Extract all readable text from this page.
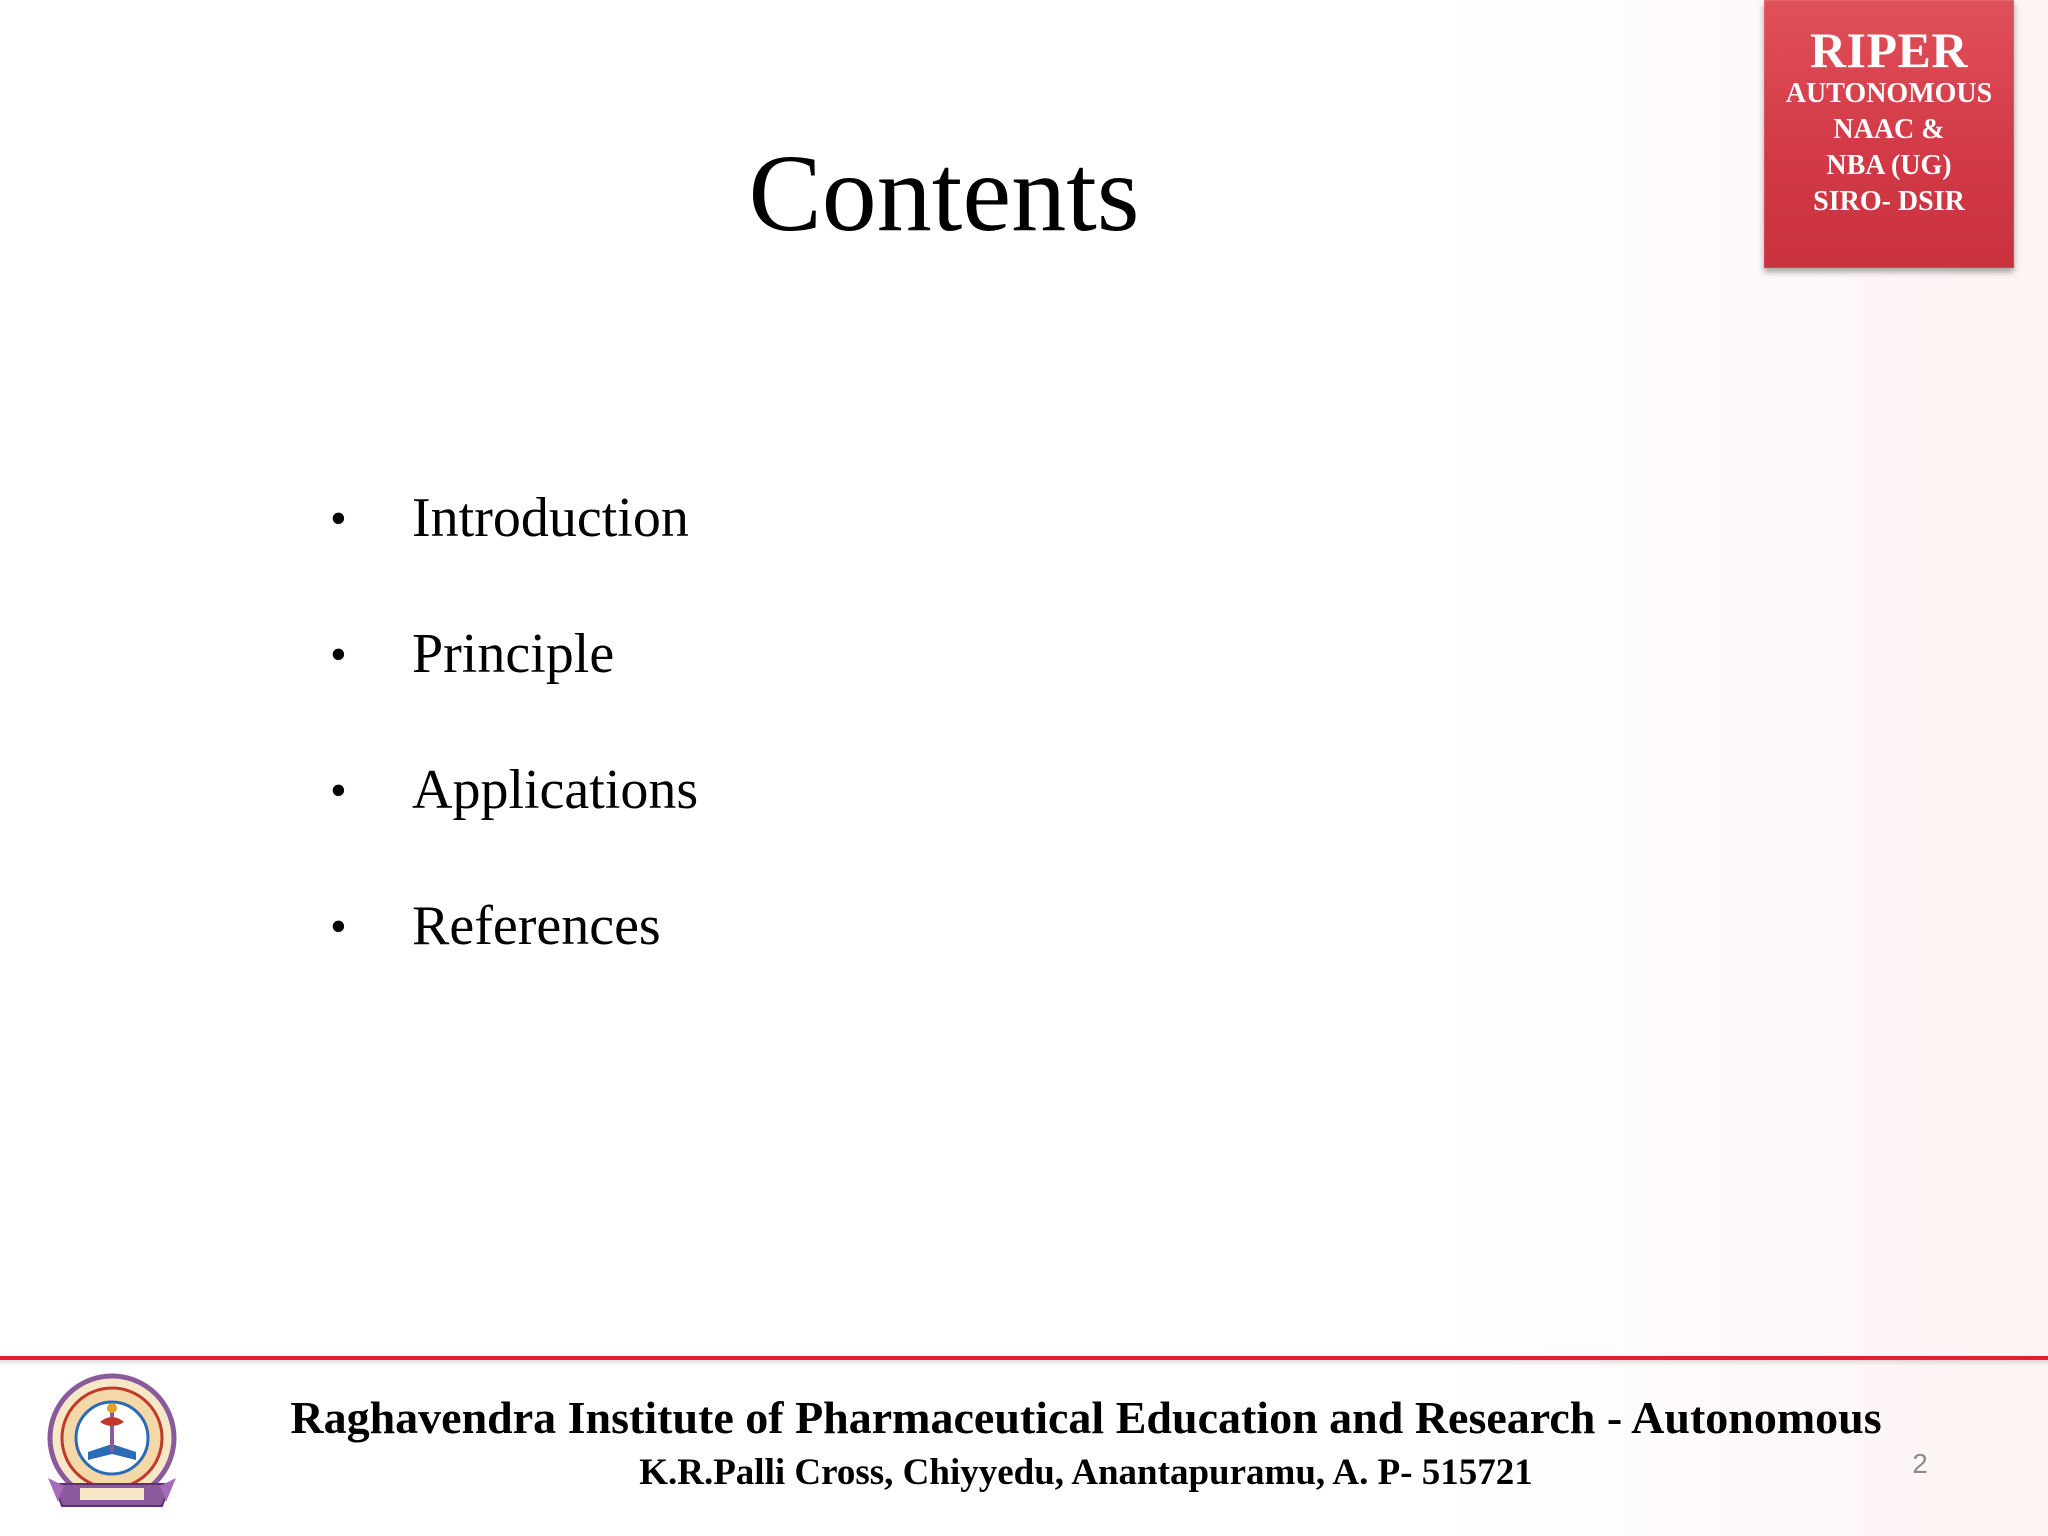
RIPER
AUTONOMOUS
NAAC &
NBA (UG)
SIRO- DSIR
Contents
•	Introduction
•	Principle
•	Applications
•	References
Raghavendra Institute of Pharmaceutical Education and Research - Autonomous
K.R.Palli Cross, Chiyyedu, Anantapuramu, A. P- 515721	2
